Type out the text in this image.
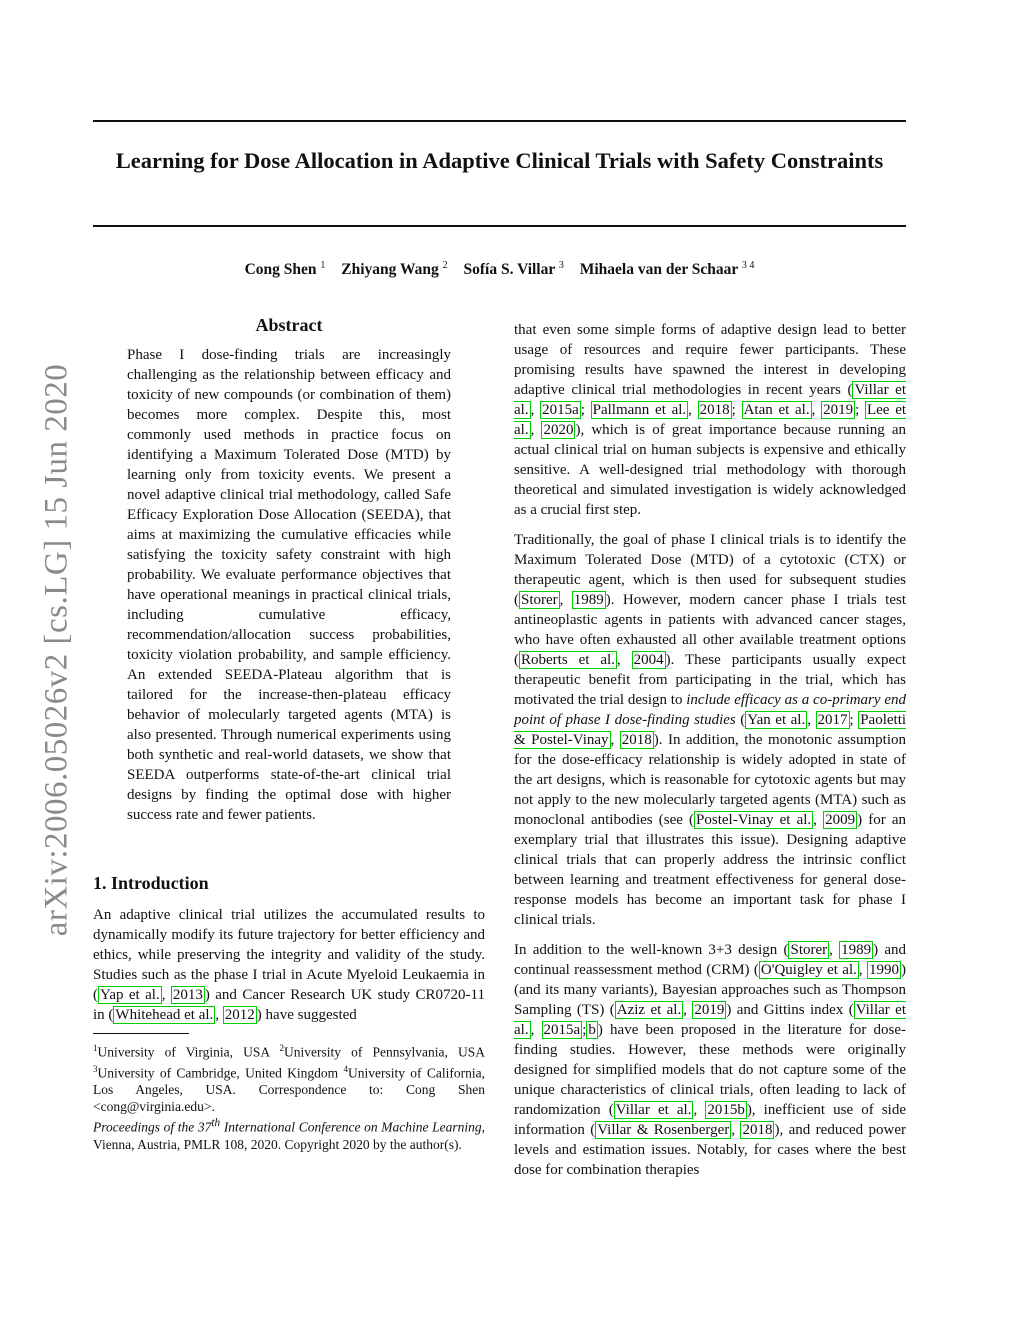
Learning for Dose Allocation in Adaptive Clinical Trials with Safety Constraints
Cong Shen $^1$ Zhiyang Wang $^2$ Sofía S. Villar $^3$ Mihaela van der Schaar $^{3 4}$
arXiv:2006.05026v2 [cs.LG] 15 Jun 2020
Abstract

Phase I dose-finding trials are increasingly challenging as the relationship between efficacy and toxicity of new compounds (or combination of them) becomes more complex. Despite this, most commonly used methods in practice focus on identifying a Maximum Tolerated Dose (MTD) by learning only from toxicity events. We present a novel adaptive clinical trial methodology, called Safe Efficacy Exploration Dose Allocation (SEEDA), that aims at maximizing the cumulative efficacies while satisfying the toxicity safety constraint with high probability. We evaluate performance objectives that have operational meanings in practical clinical trials, including cumulative efficacy, recommendation/allocation success probabilities, toxicity violation probability, and sample efficiency. An extended SEEDA-Plateau algorithm that is tailored for the increase-then-plateau efficacy behavior of molecularly targeted agents (MTA) is also presented. Through numerical experiments using both synthetic and real-world datasets, we show that SEEDA outperforms state-of-the-art clinical trial designs by finding the optimal dose with higher success rate and fewer patients.

1. Introduction

An adaptive clinical trial utilizes the accumulated results to dynamically modify its future trajectory for better efficiency and ethics, while preserving the integrity and validity of the study. Studies such as the phase I trial in Acute Myeloid Leukaemia in ( Yap et al. , 2013 ) and Cancer Research UK study CR0720-11 in ( Whitehead et al. , 2012 ) have suggested

$^1$University of Virginia, USA $^2$University of Pennsylvania, USA $^3$University of Cambridge, United Kingdom $^4$University of California, Los Angeles, USA. Correspondence to: Cong Shen <cong@virginia.edu>.

Proceedings of the 37th International Conference on Machine Learning, Vienna, Austria, PMLR 108, 2020. Copyright 2020 by the author(s).

that even some simple forms of adaptive design lead to better usage of resources and require fewer participants. These promising results have spawned the interest in developing adaptive clinical trial methodologies in recent years ( Villar et al. , 2015a ; Pallmann et al. , 2018 ; Atan et al. , 2019 ; Lee et al. , 2020 ), which is of great importance because running an actual clinical trial on human subjects is expensive and ethically sensitive. A well-designed trial methodology with thorough theoretical and simulated investigation is widely acknowledged as a crucial first step.

Traditionally, the goal of phase I clinical trials is to identify the Maximum Tolerated Dose (MTD) of a cytotoxic (CTX) or therapeutic agent, which is then used for subsequent studies ( Storer , 1989 ). However, modern cancer phase I trials test antineoplastic agents in patients with advanced cancer stages, who have often exhausted all other available treatment options ( Roberts et al. , 2004 ). These participants usually expect therapeutic benefit from participating in the trial, which has motivated the trial design to include efficacy as a co-primary end point of phase I dose-finding studies ( Yan et al. , 2017 ; Paoletti & Postel-Vinay , 2018 ). In addition, the monotonic assumption for the dose-efficacy relationship is widely adopted in state of the art designs, which is reasonable for cytotoxic agents but may not apply to the new molecularly targeted agents (MTA) such as monoclonal antibodies (see ( Postel-Vinay et al. , 2009 ) for an exemplary trial that illustrates this issue). Designing adaptive clinical trials that can properly address the intrinsic conflict between learning and treatment effectiveness for general dose-response models has become an important task for phase I clinical trials.

In addition to the well-known 3+3 design ( Storer , 1989 ) and continual reassessment method (CRM) ( O'Quigley et al. , 1990 ) (and its many variants), Bayesian approaches such as Thompson Sampling (TS) ( Aziz et al. , 2019 ) and Gittins index ( Villar et al. , 2015a ; b ) have been proposed in the literature for dose-finding studies. However, these methods were originally designed for simplified models that do not capture some of the unique characteristics of clinical trials, often leading to lack of randomization ( Villar et al. , 2015b ), inefficient use of side information ( Villar & Rosenberger , 2018 ), and reduced power levels and estimation issues. Notably, for cases where the best dose for combination therapies
